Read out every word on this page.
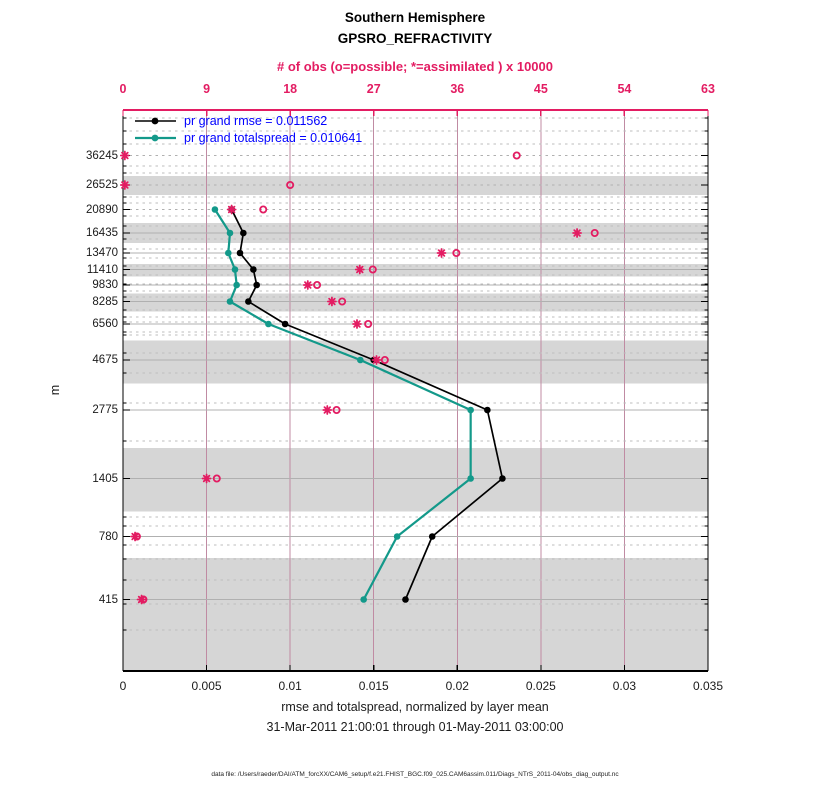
Southern Hemisphere
GPSRO_REFRACTIVITY
# of obs (o=possible; *=assimilated ) x 10000
m
pr grand rmse = 0.011562
pr grand totalspread = 0.010641
rmse and totalspread, normalized by layer mean
31-Mar-2011 21:00:01 through 01-May-2011 03:00:00
data file: /Users/raeder/DAI/ATM_forcXX/CAM6_setup/f.e21.FHIST_BGC.f09_025.CAM6assim.011/Diags_NTrS_2011-04/obs_diag_output.nc
0	9	18	27	36	45	54	63
0	0.005	0.01	0.015	0.02	0.025	0.03	0.035
36245
26525
20890
16435
13470
11410
9830
8285
6560
4675
2775
1405
780
415
